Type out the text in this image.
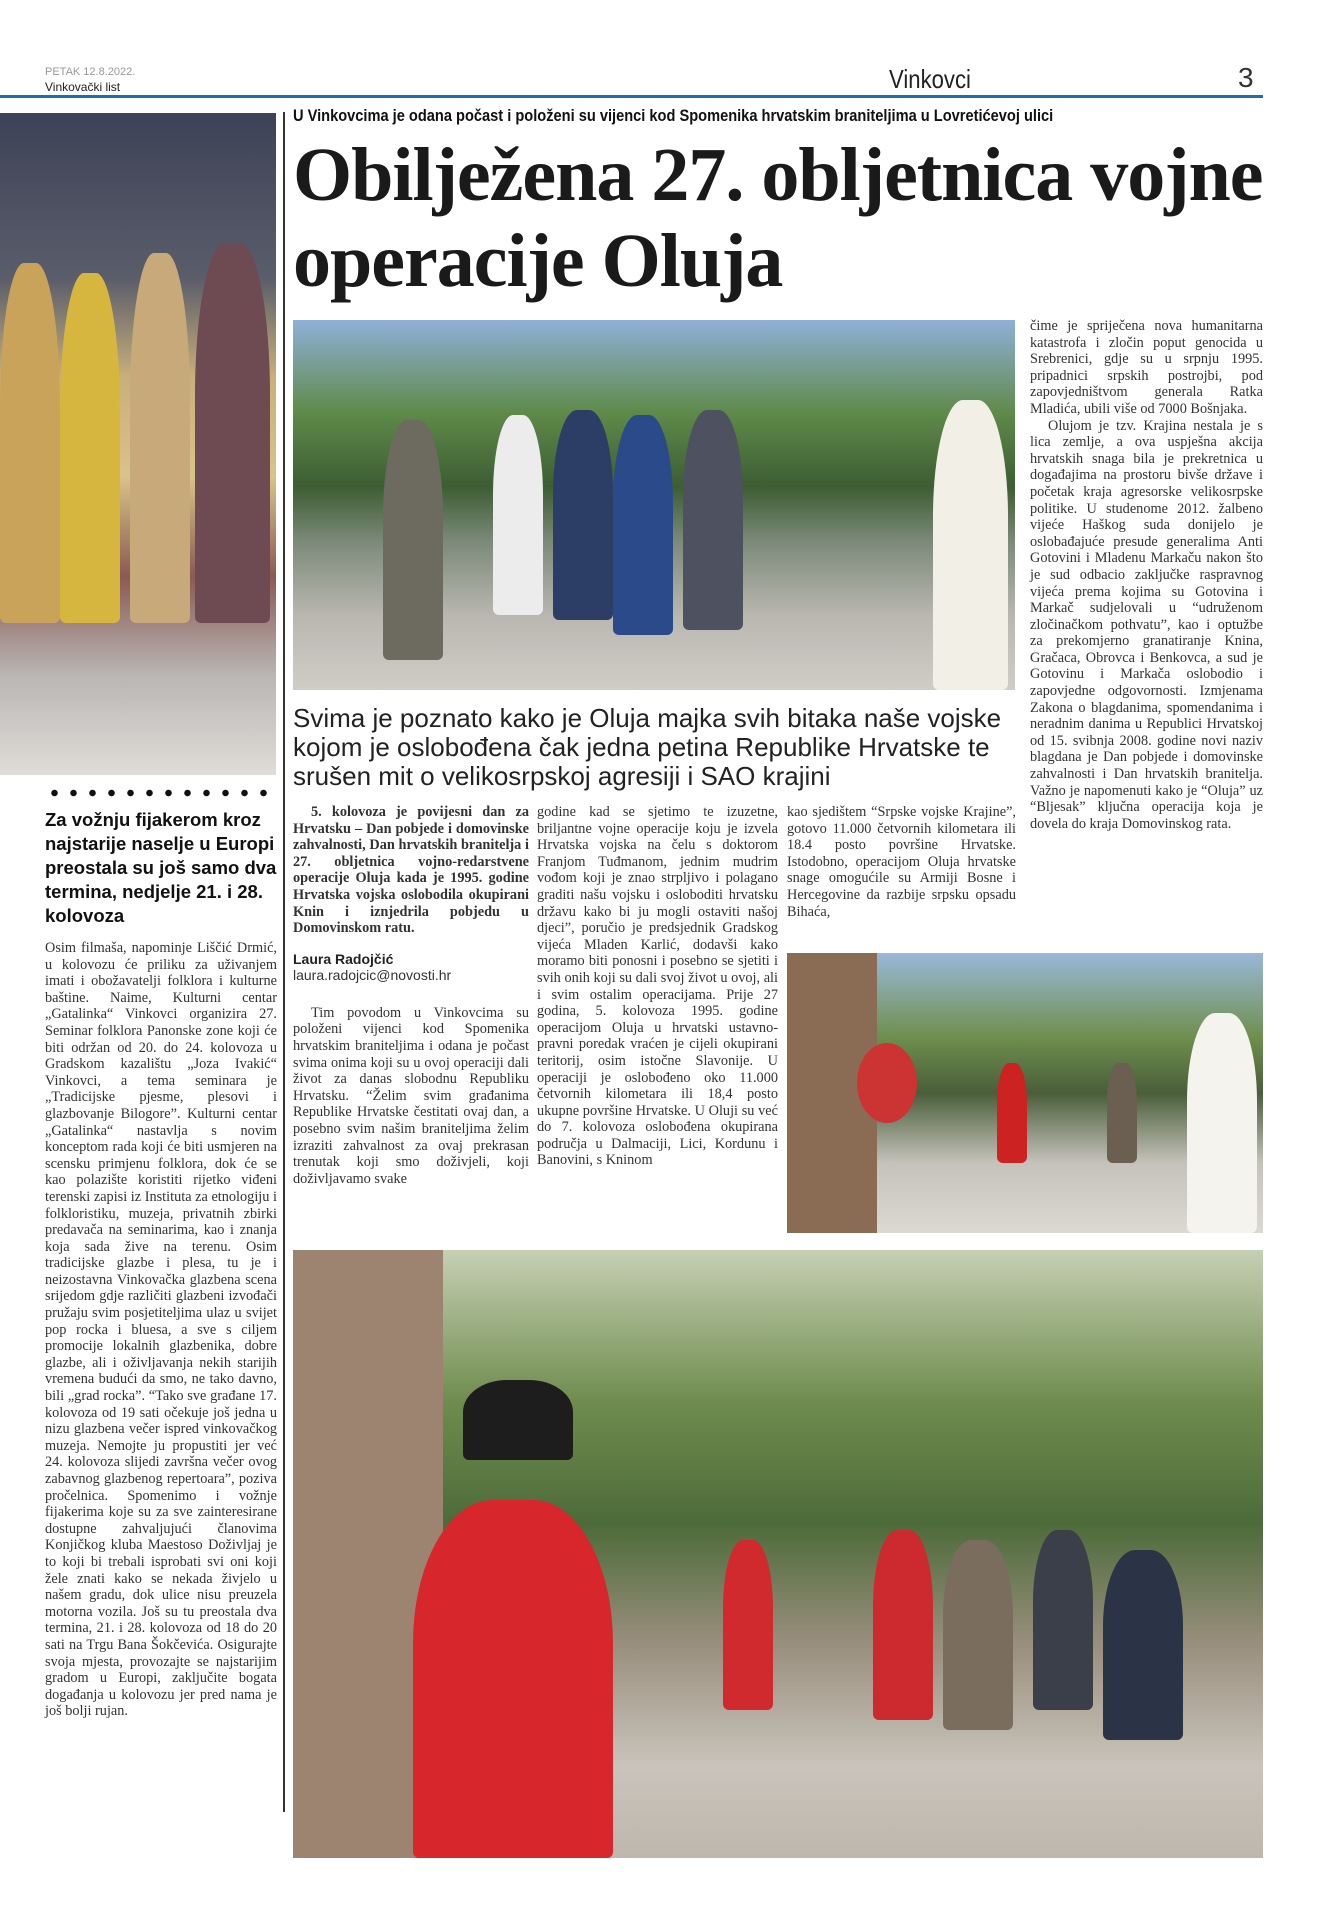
PETAK 12.8.2022.
Vinkovački list	Vinkovci	3
Za vožnju fijakerom kroz najstarije naselje u Europi preostala su još samo dva termina, nedjelje 21. i 28. kolovoza

Osim filmaša, napominje Liščić Drmić, u kolovozu će priliku za uživanjem imati i obožavatelji folklora i kulturne baštine. Naime, Kulturni centar „Gatalinka“ Vinkovci organizira 27. Seminar folklora Panonske zone koji će biti održan od 20. do 24. kolovoza u Gradskom kazalištu „Joza Ivakić“ Vinkovci, a tema seminara je „Tradicijske pjesme, plesovi i glazbovanje Bilogore”. Kulturni centar „Gatalinka“ nastavlja s novim konceptom rada koji će biti usmjeren na scensku primjenu folklora, dok će se kao polazište koristiti rijetko viđeni terenski zapisi iz Instituta za etnologiju i folkloristiku, muzeja, privatnih zbirki predavača na seminarima, kao i znanja koja sada žive na terenu. Osim tradicijske glazbe i plesa, tu je i neizostavna Vinkovačka glazbena scena srijedom gdje različiti glazbeni izvođači pružaju svim posjetiteljima ulaz u svijet pop rocka i bluesa, a sve s ciljem promocije lokalnih glazbenika, dobre glazbe, ali i oživljavanja nekih starijih vremena budući da smo, ne tako davno, bili „grad rocka”. “Tako sve građane 17. kolovoza od 19 sati očekuje još jedna u nizu glazbena večer ispred vinkovačkog muzeja. Nemojte ju propustiti jer već 24. kolovoza slijedi završna večer ovog zabavnog glazbenog repertoara”, poziva pročelnica. Spomenimo i vožnje fijakerima koje su za sve zainteresirane dostupne zahvaljujući članovima Konjičkog kluba Maestoso Doživljaj je to koji bi trebali isprobati svi oni koji žele znati kako se nekada živjelo u našem gradu, dok ulice nisu preuzela motorna vozila. Još su tu preostala dva termina, 21. i 28. kolovoza od 18 do 20 sati na Trgu Bana Šokčevića. Osigurajte svoja mjesta, provozajte se najstarijim gradom u Europi, zaključite bogata događanja u kolovozu jer pred nama je još bolji rujan.

U Vinkovcima je odana počast i položeni su vijenci kod Spomenika hrvatskim braniteljima u Lovretićevoj ulici
Obilježena 27. obljetnica vojne operacije Oluja
Svima je poznato kako je Oluja majka svih bitaka naše vojske kojom je oslobođena čak jedna petina Republike Hrvatske te srušen mit o velikosrpskoj agresiji i SAO krajini

5. kolovoza je povijesni dan za Hrvatsku – Dan pobjede i domovinske zahvalnosti, Dan hrvatskih branitelja i 27. obljetnica vojno-redarstvene operacije Oluja kada je 1995. godine Hrvatska vojska oslobodila okupirani Knin i iznjedrila pobjedu u Domovinskom ratu.

Laura Radojčić
laura.radojcic@novosti.hr

Tim povodom u Vinkovcima su položeni vijenci kod Spomenika hrvatskim braniteljima i odana je počast svima onima koji su u ovoj operaciji dali život za danas slobodnu Republiku Hrvatsku. “Želim svim građanima Republike Hrvatske čestitati ovaj dan, a posebno svim našim braniteljima želim izraziti zahvalnost za ovaj prekrasan trenutak koji smo doživjeli, koji doživljavamo svake

godine kad se sjetimo te izuzetne, briljantne vojne operacije koju je izvela Hrvatska vojska na čelu s doktorom Franjom Tuđmanom, jednim mudrim vođom koji je znao strpljivo i polagano graditi našu vojsku i osloboditi hrvatsku državu kako bi ju mogli ostaviti našoj djeci”, poručio je predsjednik Gradskog vijeća Mladen Karlić, dodavši kako moramo biti ponosni i posebno se sjetiti i svih onih koji su dali svoj život u ovoj, ali i svim ostalim operacijama. Prije 27 godina, 5. kolovoza 1995. godine operacijom Oluja u hrvatski ustavno-pravni poredak vraćen je cijeli okupirani teritorij, osim istočne Slavonije. U operaciji je oslobođeno oko 11.000 četvornih kilometara ili 18,4 posto ukupne površine Hrvatske. U Oluji su već do 7. kolovoza oslobođena okupirana područja u Dalmaciji, Lici, Kordunu i Banovini, s Kninom

kao sjedištem “Srpske vojske Krajine”, gotovo 11.000 četvornih kilometara ili 18.4 posto površine Hrvatske. Istodobno, operacijom Oluja hrvatske snage omogućile su Armiji Bosne i Hercegovine da razbije srpsku opsadu Bihaća,

čime je spriječena nova humanitarna katastrofa i zločin poput genocida u Srebrenici, gdje su u srpnju 1995. pripadnici srpskih postrojbi, pod zapovjedništvom generala Ratka Mladića, ubili više od 7000 Bošnjaka.

Olujom je tzv. Krajina nestala je s lica zemlje, a ova uspješna akcija hrvatskih snaga bila je prekretnica u događajima na prostoru bivše države i početak kraja agresorske velikosrpske politike. U studenome 2012. žalbeno vijeće Haškog suda donijelo je oslobađajuće presude generalima Anti Gotovini i Mladenu Markaču nakon što je sud odbacio zaključke raspravnog vijeća prema kojima su Gotovina i Markač sudjelovali u “udruženom zločinačkom pothvatu”, kao i optužbe za prekomjerno granatiranje Knina, Gračaca, Obrovca i Benkovca, a sud je Gotovinu i Markača oslobodio i zapovjedne odgovornosti. Izmjenama Zakona o blagdanima, spomendanima i neradnim danima u Republici Hrvatskoj od 15. svibnja 2008. godine novi naziv blagdana je Dan pobjede i domovinske zahvalnosti i Dan hrvatskih branitelja. Važno je napomenuti kako je “Oluja” uz “Bljesak” ključna operacija koja je dovela do kraja Domovinskog rata.
